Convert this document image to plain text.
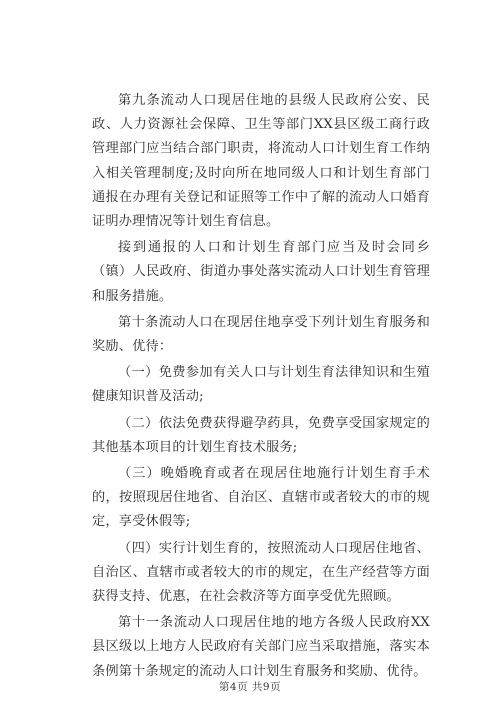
第九条流动人口现居住地的县级人民政府公安、民政、人力资源社会保障、卫生等部门XX县区级工商行政管理部门应当结合部门职责，将流动人口计划生育工作纳入相关管理制度;及时向所在地同级人口和计划生育部门通报在办理有关登记和证照等工作中了解的流动人口婚育证明办理情况等计划生育信息。

接到通报的人口和计划生育部门应当及时会同乡（镇）人民政府、街道办事处落实流动人口计划生育管理和服务措施。

第十条流动人口在现居住地享受下列计划生育服务和奖励、优待：

（一）免费参加有关人口与计划生育法律知识和生殖健康知识普及活动;

（二）依法免费获得避孕药具，免费享受国家规定的其他基本项目的计划生育技术服务;

（三）晚婚晚育或者在现居住地施行计划生育手术的，按照现居住地省、自治区、直辖市或者较大的市的规定，享受休假等;

（四）实行计划生育的，按照流动人口现居住地省、自治区、直辖市或者较大的市的规定，在生产经营等方面获得支持、优惠，在社会救济等方面享受优先照顾。

第十一条流动人口现居住地的地方各级人民政府XX县区级以上地方人民政府有关部门应当采取措施，落实本条例第十条规定的流动人口计划生育服务和奖励、优待。

第4页 共9页
